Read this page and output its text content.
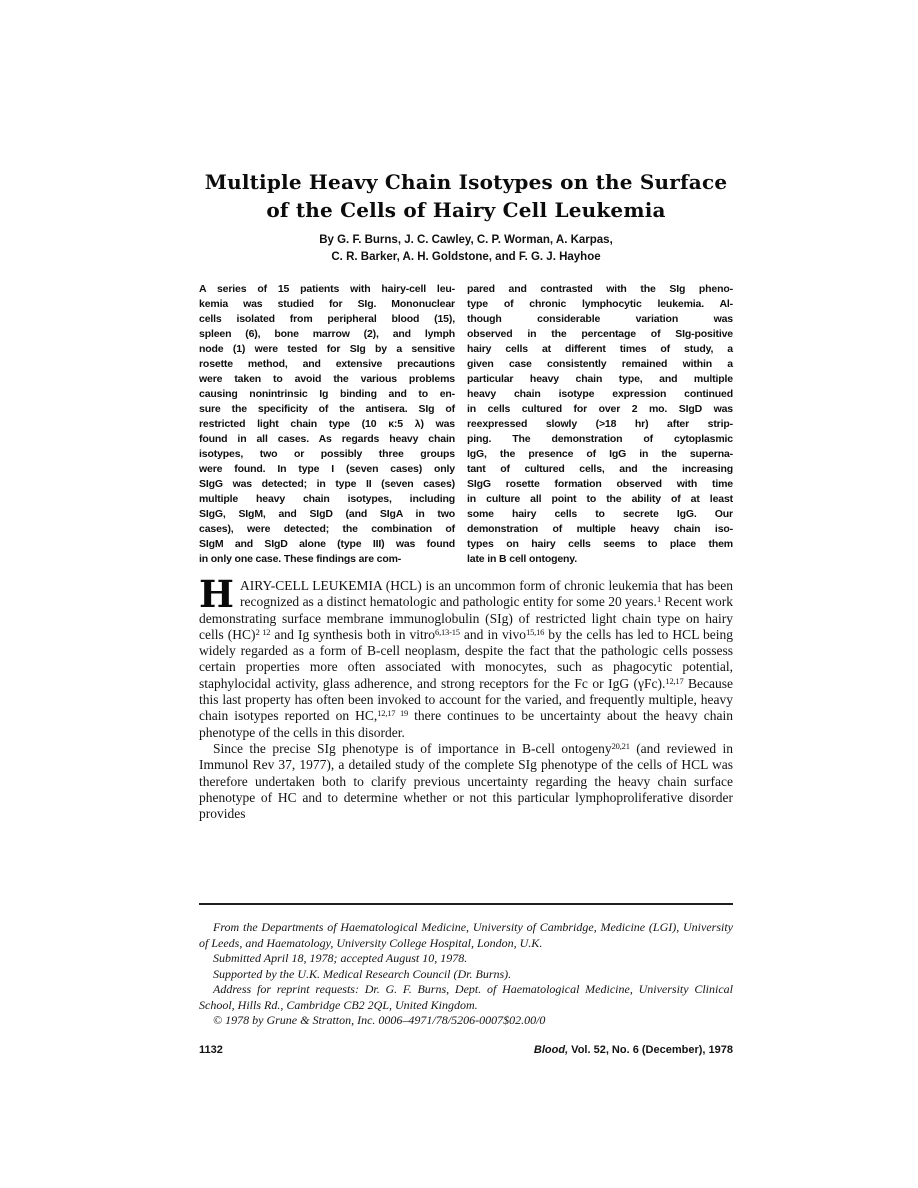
Multiple Heavy Chain Isotypes on the Surface
of the Cells of Hairy Cell Leukemia
By G. F. Burns, J. C. Cawley, C. P. Worman, A. Karpas,
C. R. Barker, A. H. Goldstone, and F. G. J. Hayhoe
A series of 15 patients with hairy-cell leu-
kemia was studied for SIg. Mononuclear
cells isolated from peripheral blood (15),
spleen (6), bone marrow (2), and lymph
node (1) were tested for SIg by a sensitive
rosette method, and extensive precautions
were taken to avoid the various problems
causing nonintrinsic Ig binding and to en-
sure the specificity of the antisera. SIg of
restricted light chain type (10 κ:5 λ) was
found in all cases. As regards heavy chain
isotypes, two or possibly three groups
were found. In type I (seven cases) only
SIgG was detected; in type II (seven cases)
multiple heavy chain isotypes, including
SIgG, SIgM, and SIgD (and SIgA in two
cases), were detected; the combination of
SIgM and SIgD alone (type III) was found
in only one case. These findings are com-
pared and contrasted with the SIg pheno-
type of chronic lymphocytic leukemia. Al-
though considerable variation was
observed in the percentage of SIg-positive
hairy cells at different times of study, a
given case consistently remained within a
particular heavy chain type, and multiple
heavy chain isotype expression continued
in cells cultured for over 2 mo. SIgD was
reexpressed slowly (>18 hr) after strip-
ping. The demonstration of cytoplasmic
IgG, the presence of IgG in the superna-
tant of cultured cells, and the increasing
SIgG rosette formation observed with time
in culture all point to the ability of at least
some hairy cells to secrete IgG. Our
demonstration of multiple heavy chain iso-
types on hairy cells seems to place them
late in B cell ontogeny.

HAIRY-CELL LEUKEMIA (HCL) is an uncommon form of chronic leukemia that has been recognized as a distinct hematologic and pathologic entity for some 20 years.$^1$ Recent work demonstrating surface membrane immunoglobulin (SIg) of restricted light chain type on hairy cells (HC)$^{2 12}$ and Ig synthesis both in vitro$^{6,13-15}$ and in vivo$^{15,16}$ by the cells has led to HCL being widely regarded as a form of B-cell neoplasm, despite the fact that the pathologic cells possess certain properties more often associated with monocytes, such as phagocytic potential, staphylocidal activity, glass adherence, and strong receptors for the Fc or IgG (γFc).$^{12,17}$ Because this last property has often been invoked to account for the varied, and frequently multiple, heavy chain isotypes reported on HC,$^{12,17 19}$ there continues to be uncertainty about the heavy chain phenotype of the cells in this disorder.

Since the precise SIg phenotype is of importance in B-cell ontogeny$^{20,21}$ (and reviewed in Immunol Rev 37, 1977), a detailed study of the complete SIg phenotype of the cells of HCL was therefore undertaken both to clarify previous uncertainty regarding the heavy chain surface phenotype of HC and to determine whether or not this particular lymphoproliferative disorder provides

From the Departments of Haematological Medicine, University of Cambridge, Medicine (LGI), University of Leeds, and Haematology, University College Hospital, London, U.K.

Submitted April 18, 1978; accepted August 10, 1978.

Supported by the U.K. Medical Research Council (Dr. Burns).

Address for reprint requests: Dr. G. F. Burns, Dept. of Haematological Medicine, University Clinical School, Hills Rd., Cambridge CB2 2QL, United Kingdom.

© 1978 by Grune & Stratton, Inc. 0006–4971/78/5206-0007$02.00/0

1132	Blood, Vol. 52, No. 6 (December), 1978
